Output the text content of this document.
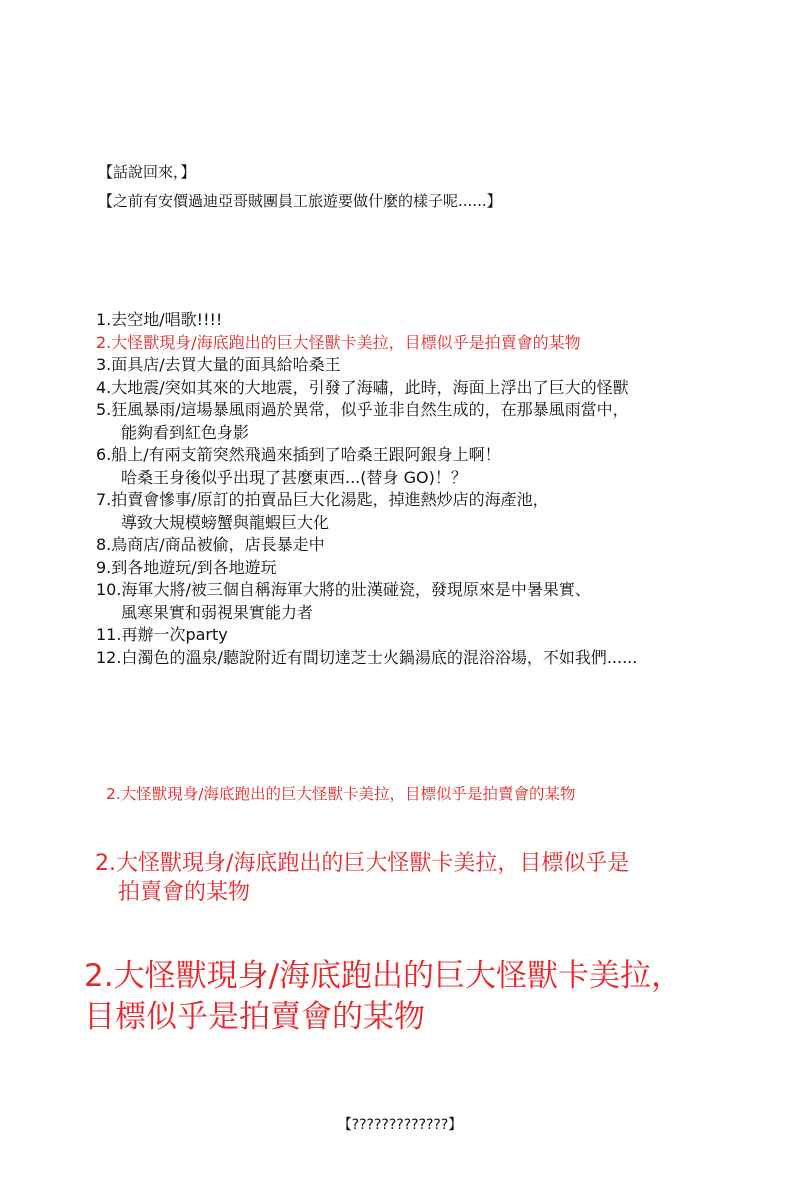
【話說回來，】
【之前有安價過迪亞哥賊團員工旅遊要做什麼的樣子呢......】
1.去空地/唱歌!!!!
2.大怪獸現身/海底跑出的巨大怪獸卡美拉，目標似乎是拍賣會的某物
3.面具店/去買大量的面具給哈桑王
4.大地震/突如其來的大地震，引發了海嘯，此時，海面上浮出了巨大的怪獸
5.狂風暴雨/這場暴風雨過於異常，似乎並非自然生成的，在那暴風雨當中，
能夠看到紅色身影
6.船上/有兩支箭突然飛過來插到了哈桑王跟阿銀身上啊！
哈桑王身後似乎出現了甚麼東西...(替身 GO)！？
7.拍賣會慘事/原訂的拍賣品巨大化湯匙，掉進熱炒店的海產池，
導致大規模螃蟹與龍蝦巨大化
8.鳥商店/商品被偷，店長暴走中
9.到各地遊玩/到各地遊玩
10.海軍大將/被三個自稱海軍大將的壯漢碰瓷，發現原來是中暑果實、
風寒果實和弱視果實能力者
11.再辦一次party
12.白濁色的溫泉/聽說附近有間切達芝士火鍋湯底的混浴浴場，不如我們......
2.大怪獸現身/海底跑出的巨大怪獸卡美拉，目標似乎是拍賣會的某物
2.大怪獸現身/海底跑出的巨大怪獸卡美拉，目標似乎是
拍賣會的某物
2.大怪獸現身/海底跑出的巨大怪獸卡美拉，
目標似乎是拍賣會的某物
【?????????????】
